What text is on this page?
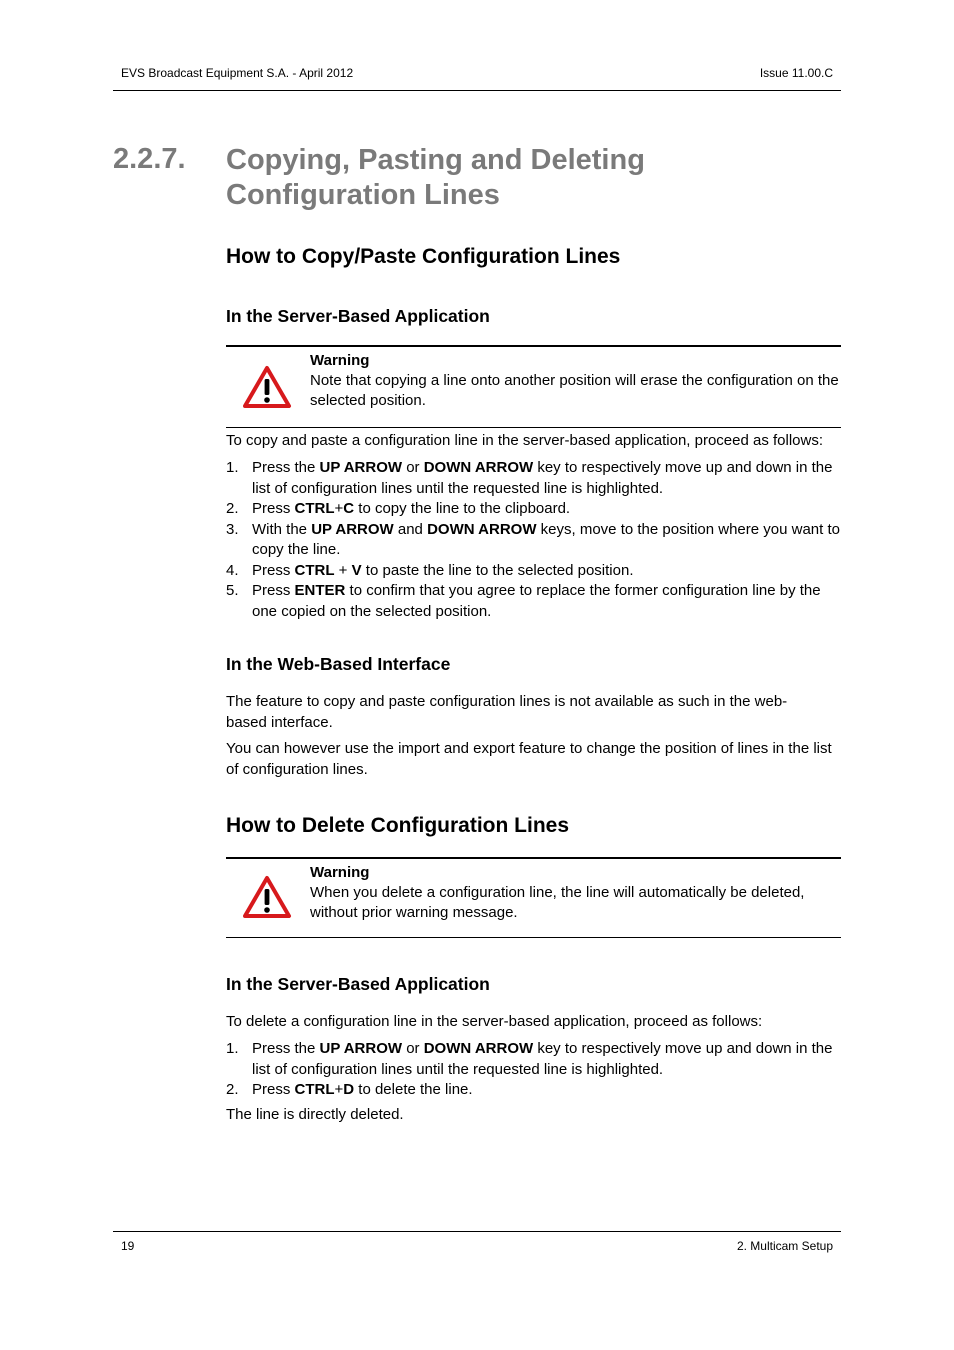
EVS Broadcast Equipment S.A. - April 2012	Issue 11.00.C
2.2.7. Copying, Pasting and Deleting Configuration Lines
How to Copy/Paste Configuration Lines
In the Server-Based Application
Warning
Note that copying a line onto another position will erase the configuration on the selected position.
To copy and paste a configuration line in the server-based application, proceed as follows:
1. Press the UP ARROW or DOWN ARROW key to respectively move up and down in the list of configuration lines until the requested line is highlighted.
2. Press CTRL+C to copy the line to the clipboard.
3. With the UP ARROW and DOWN ARROW keys, move to the position where you want to copy the line.
4. Press CTRL + V to paste the line to the selected position.
5. Press ENTER to confirm that you agree to replace the former configuration line by the one copied on the selected position.
In the Web-Based Interface
The feature to copy and paste configuration lines is not available as such in the web-based interface.
You can however use the import and export feature to change the position of lines in the list of configuration lines.
How to Delete Configuration Lines
Warning
When you delete a configuration line, the line will automatically be deleted, without prior warning message.
In the Server-Based Application
To delete a configuration line in the server-based application, proceed as follows:
1. Press the UP ARROW or DOWN ARROW key to respectively move up and down in the list of configuration lines until the requested line is highlighted.
2. Press CTRL+D to delete the line.
The line is directly deleted.
19	2. Multicam Setup
